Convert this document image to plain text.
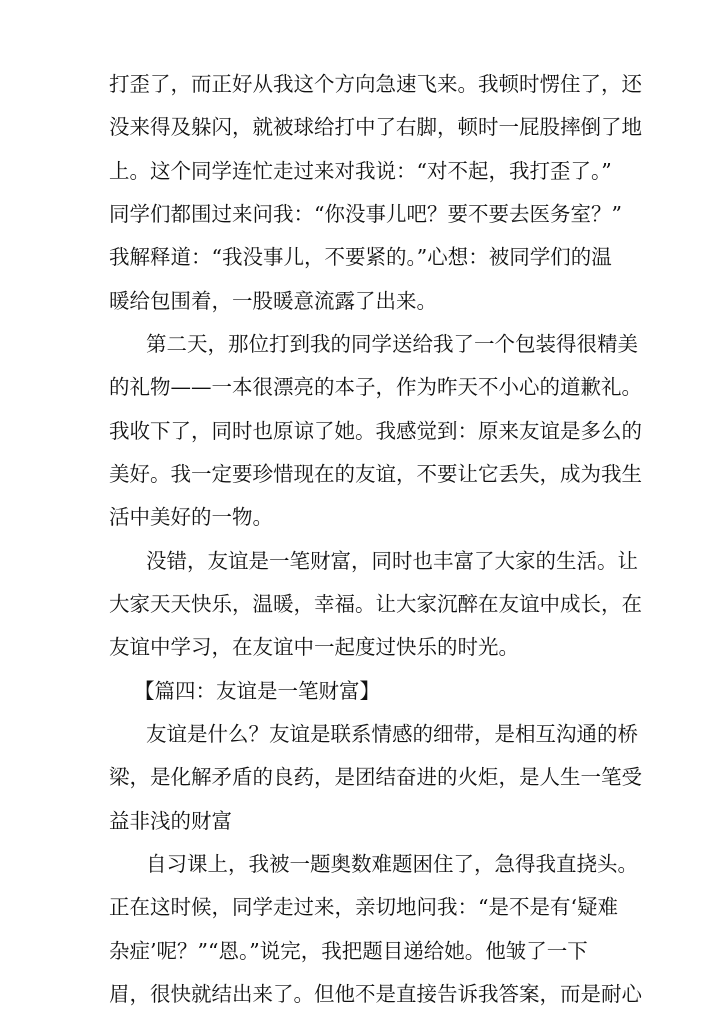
打歪了，而正好从我这个方向急速飞来。我顿时愣住了，还
没来得及躲闪，就被球给打中了右脚，顿时一屁股摔倒了地
上。这个同学连忙走过来对我说：“对不起，我打歪了。”
同学们都围过来问我：“你没事儿吧？要不要去医务室？”
我解释道：“我没事儿，不要紧的。”心想：被同学们的温
暖给包围着，一股暖意流露了出来。
第二天，那位打到我的同学送给我了一个包装得很精美
的礼物——一本很漂亮的本子，作为昨天不小心的道歉礼。
我收下了，同时也原谅了她。我感觉到：原来友谊是多么的
美好。我一定要珍惜现在的友谊，不要让它丢失，成为我生
活中美好的一物。
没错，友谊是一笔财富，同时也丰富了大家的生活。让
大家天天快乐，温暖，幸福。让大家沉醉在友谊中成长，在
友谊中学习，在友谊中一起度过快乐的时光。
【篇四：友谊是一笔财富】
友谊是什么？友谊是联系情感的细带，是相互沟通的桥
梁，是化解矛盾的良药，是团结奋进的火炬，是人生一笔受
益非浅的财富
自习课上，我被一题奥数难题困住了，急得我直挠头。
正在这时候，同学走过来，亲切地问我：“是不是有‘疑难
杂症’呢？”“恩。”说完，我把题目递给她。他皱了一下
眉，很快就结出来了。但他不是直接告诉我答案，而是耐心
